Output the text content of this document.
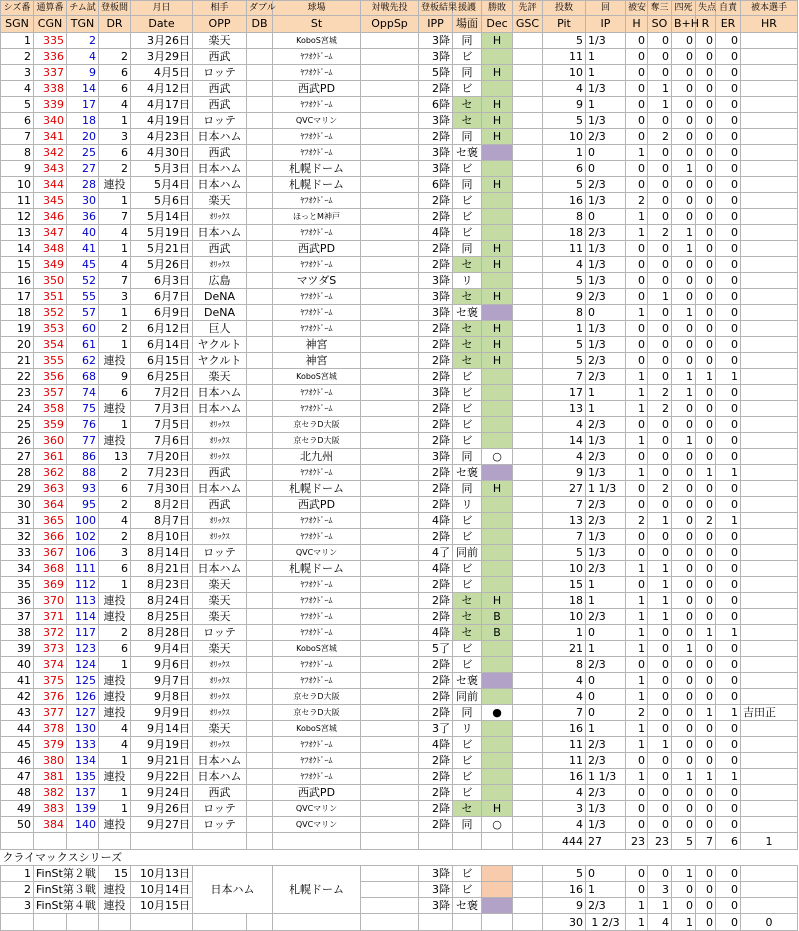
シズ番	通算番	チム試	登板間	月日	相手	ダブル	球場	対戦先投	登板結果	援護	勝敗	先評	投数	回	被安	奪三	四死	失点	自責	被本選手
SGN	CGN	TGN	DR	Date	OPP	DB	St	OppSp	IPP	場面	Dec	GSC	Pit	IP	H	SO	B+H	R	ER	HR
1	335	2		3月26日	楽天		KoboS宮城		3降	同	H		5	1/3	0	0	0	0	0	
2	336	4	2	3月29日	西武		ﾔﾌｵｸﾄﾞｰﾑ		3降	ビ			11	1	0	0	0	0	0	
3	337	9	6	4月5日	ロッテ		ﾔﾌｵｸﾄﾞｰﾑ		5降	同	H		10	1	0	0	0	0	0	
4	338	14	6	4月12日	西武		西武PD		2降	ビ			4	1/3	0	1	0	0	0	
5	339	17	4	4月17日	西武		ﾔﾌｵｸﾄﾞｰﾑ		6降	セ	H		9	1	0	1	0	0	0	
6	340	18	1	4月19日	ロッテ		QVCマリン		3降	セ	H		5	1/3	0	0	0	0	0	
7	341	20	3	4月23日	日本ハム		ﾔﾌｵｸﾄﾞｰﾑ		2降	同	H		10	2/3	0	2	0	0	0	
8	342	25	6	4月30日	西武		ﾔﾌｵｸﾄﾞｰﾑ		3降	セ褒			1	0	1	0	0	0	0	
9	343	27	2	5月3日	日本ハム		札幌ドーム		3降	ビ			6	0	0	0	1	0	0	
10	344	28	連投	5月4日	日本ハム		札幌ドーム		6降	同	H		5	2/3	0	0	0	0	0	
11	345	30	1	5月6日	楽天		ﾔﾌｵｸﾄﾞｰﾑ		2降	ビ			16	1/3	2	0	0	0	0	
12	346	36	7	5月14日	ｵﾘｯｸｽ		ほっとM神戸		2降	ビ			8	0	1	0	0	0	0	
13	347	40	4	5月19日	日本ハム		ﾔﾌｵｸﾄﾞｰﾑ		4降	ビ			18	2/3	1	2	1	0	0	
14	348	41	1	5月21日	西武		西武PD		2降	同	H		11	1/3	0	0	1	0	0	
15	349	45	4	5月26日	ｵﾘｯｸｽ		ﾔﾌｵｸﾄﾞｰﾑ		2降	セ	H		4	1/3	0	0	0	0	0	
16	350	52	7	6月3日	広島		マツダS		3降	リ			5	1/3	0	0	0	0	0	
17	351	55	3	6月7日	DeNA		ﾔﾌｵｸﾄﾞｰﾑ		3降	セ	H		9	2/3	0	1	0	0	0	
18	352	57	1	6月9日	DeNA		ﾔﾌｵｸﾄﾞｰﾑ		3降	セ褒			8	0	1	0	1	0	0	
19	353	60	2	6月12日	巨人		ﾔﾌｵｸﾄﾞｰﾑ		2降	セ	H		1	1/3	0	0	0	0	0	
20	354	61	1	6月14日	ヤクルト		神宮		2降	セ	H		5	1/3	0	0	0	0	0	
21	355	62	連投	6月15日	ヤクルト		神宮		2降	セ	H		5	2/3	0	0	0	0	0	
22	356	68	9	6月25日	楽天		KoboS宮城		2降	ビ			7	2/3	1	0	1	1	1	
23	357	74	6	7月2日	日本ハム		ﾔﾌｵｸﾄﾞｰﾑ		3降	ビ			17	1	1	2	1	0	0	
24	358	75	連投	7月3日	日本ハム		ﾔﾌｵｸﾄﾞｰﾑ		2降	ビ			13	1	1	2	0	0	0	
25	359	76	1	7月5日	ｵﾘｯｸｽ		京セラD大阪		2降	ビ			4	2/3	0	0	0	0	0	
26	360	77	連投	7月6日	ｵﾘｯｸｽ		京セラD大阪		2降	ビ			14	1/3	1	0	1	0	0	
27	361	86	13	7月20日	ｵﾘｯｸｽ		北九州		3降	同	○		4	2/3	0	0	0	0	0	
28	362	88	2	7月23日	西武		ﾔﾌｵｸﾄﾞｰﾑ		2降	セ褒			9	1/3	1	0	0	1	1	
29	363	93	6	7月30日	日本ハム		札幌ドーム		2降	同	H		27	1 1/3	0	2	0	0	0	
30	364	95	2	8月2日	西武		西武PD		2降	リ			7	2/3	0	0	0	0	0	
31	365	100	4	8月7日	ｵﾘｯｸｽ		ﾔﾌｵｸﾄﾞｰﾑ		4降	ビ			13	2/3	2	1	0	2	1	
32	366	102	2	8月10日	ｵﾘｯｸｽ		ﾔﾌｵｸﾄﾞｰﾑ		2降	ビ			7	1/3	0	0	0	0	0	
33	367	106	3	8月14日	ロッテ		QVCマリン		4了	同前			5	1/3	0	0	0	0	0	
34	368	111	6	8月21日	日本ハム		札幌ドーム		4降	ビ			10	2/3	1	1	0	0	0	
35	369	112	1	8月23日	楽天		ﾔﾌｵｸﾄﾞｰﾑ		2降	ビ			15	1	0	1	0	0	0	
36	370	113	連投	8月24日	楽天		ﾔﾌｵｸﾄﾞｰﾑ		2降	セ	H		18	1	1	1	0	0	0	
37	371	114	連投	8月25日	楽天		ﾔﾌｵｸﾄﾞｰﾑ		2降	セ	B		10	2/3	1	1	0	0	0	
38	372	117	2	8月28日	ロッテ		ﾔﾌｵｸﾄﾞｰﾑ		4降	セ	B		1	0	1	0	0	1	1	
39	373	123	6	9月4日	楽天		KoboS宮城		5了	ビ			21	1	1	0	1	0	0	
40	374	124	1	9月6日	ｵﾘｯｸｽ		ﾔﾌｵｸﾄﾞｰﾑ		2降	ビ			8	2/3	0	0	0	0	0	
41	375	125	連投	9月7日	ｵﾘｯｸｽ		ﾔﾌｵｸﾄﾞｰﾑ		2降	セ褒			4	0	1	0	0	0	0	
42	376	126	連投	9月8日	ｵﾘｯｸｽ		京セラD大阪		2降	同前			4	0	1	0	0	0	0	
43	377	127	連投	9月9日	ｵﾘｯｸｽ		京セラD大阪		2降	同	●		7	0	2	0	0	1	1	吉田正
44	378	130	4	9月14日	楽天		KoboS宮城		3了	リ			16	1	1	0	0	0	0	
45	379	133	4	9月19日	ｵﾘｯｸｽ		ﾔﾌｵｸﾄﾞｰﾑ		4降	ビ			11	2/3	1	1	0	0	0	
46	380	134	1	9月21日	日本ハム		ﾔﾌｵｸﾄﾞｰﾑ		2降	ビ			11	2/3	0	0	0	0	0	
47	381	135	連投	9月22日	日本ハム		ﾔﾌｵｸﾄﾞｰﾑ		2降	ビ			16	1 1/3	1	0	1	1	1	
48	382	137	1	9月24日	西武		西武PD		2降	ビ			4	2/3	0	0	0	0	0	
49	383	139	1	9月26日	ロッテ		QVCマリン		2降	セ	H		3	1/3	0	0	0	0	0	
50	384	140	連投	9月27日	ロッテ		QVCマリン		2降	同	○		4	1/3	0	0	0	0	0	
													444	27	23	23	5	7	6	1
クライマックスシリーズ																				
1	FinSt第２戦		15	10月13日	日本ハム		札幌ドーム		3降	ビ			5	0	0	0	1	0	0	
2	FinSt第３戦		連投	10月14日					3降	ビ			16	1	0	3	0	0	0	
3	FinSt第４戦		連投	10月15日					3降	セ褒			9	2/3	1	1	0	0	0	
													30	1 2/3	1	4	1	0	0	0
